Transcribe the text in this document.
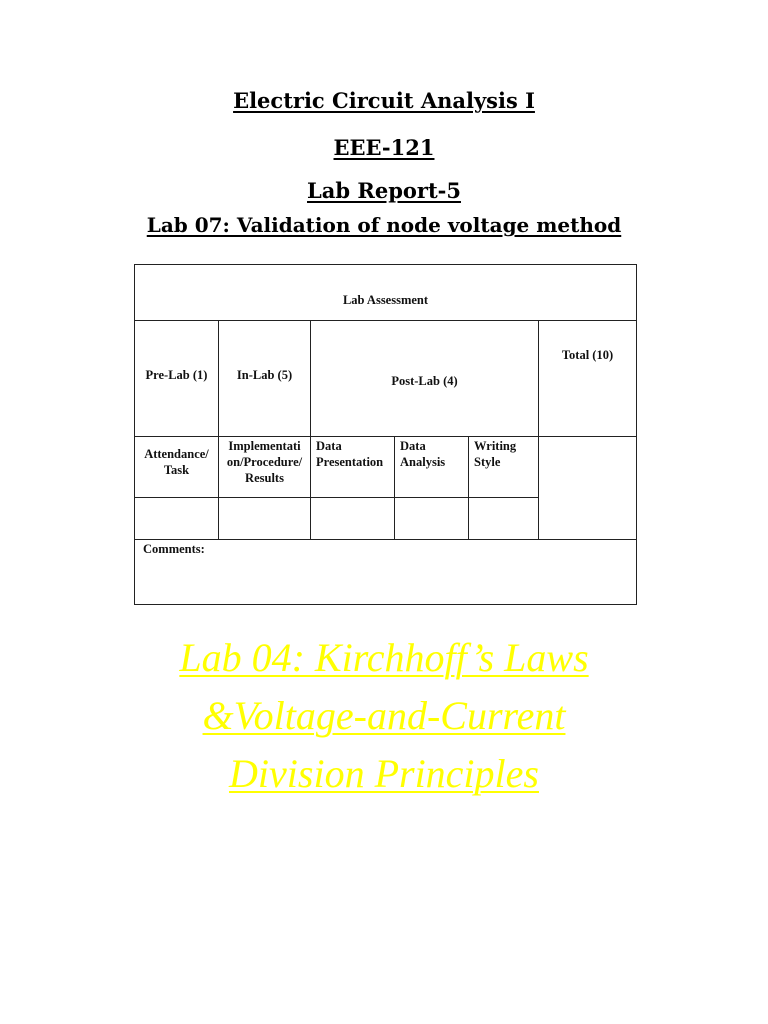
Electric Circuit Analysis I
EEE-121
Lab Report-5
Lab 07: Validation of node voltage method
Lab Assessment
Pre-Lab (1)	In-Lab (5)	Post-Lab (4)
Total (10)
Attendance/
Task
Implementati
on/Procedure/
Results
Data
Presentation
Data
Analysis
Writing
Style
Comments:
Lab 04: Kirchhoff’s Laws
&Voltage-and-Current
Division Principles
